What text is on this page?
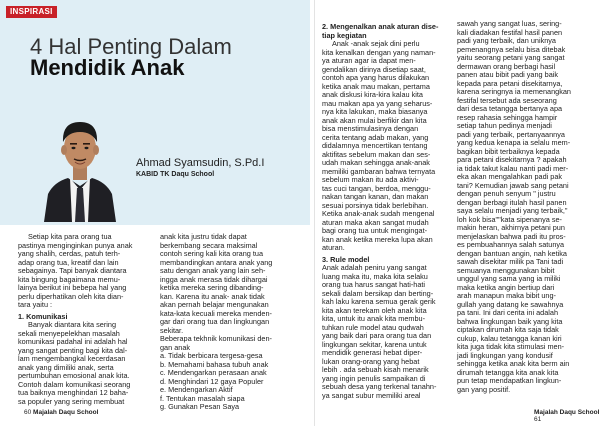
INSPIRASI
4 Hal Penting Dalam
Mendidik Anak
Ahmad Syamsudin, S.Pd.I
KABID TK Daqu School

Setiap kita para orang tua
pastinya menginginkan punya anak
yang shalih, cerdas, patuh terh-
adap orang tua, kreatif dan lain
sebagainya. Tapi banyak diantara
kita bingung bagaimana memu-
lainya berikut ini bebepa hal yang
perlu diperhatikan oleh kita dian-
tara yaitu :

1. Komunikasi

Banyak diantara kita sering
sekali menyepelekhan masalah
komunikasi padahal ini adalah hal
yang sangat penting bagi kita dal-
lam mengembangkal kecerdasan
anak yang dimiliki anak, serta
pertumbuhan emosional anak kita.
Contoh dalam komunikasi seorang
tua baiknya menghindari 12 baha-
sa populer yang sering membuat

anak kita justru tidak dapat
berkembang secara maksimal
contoh sering kali kita orang tua
membandingkan antara anak yang
satu dengan anak yang lain seh-
ingga anak merasa tidak dihargai
ketika mereka sering dibanding-
kan. Karena itu anak- anak tidak
akan pernah belajar mengunakan
kata-kata kecuali mereka menden-
gar dari orang tua dan lingkungan
sekitar.
Beberapa tekhnik komunikasi den-
gan anak
a. Tidak berbicara tergesa-gesa
b. Memahami bahasa tubuh anak
c. Mendengarkan perasaan anak
d. Menghindari 12 gaya Populer
e. Mendengarkan Aktif
f. Tentukan masalah siapa
g. Gunakan Pesan Saya

2. Mengenalkan anak aturan dise-
tiap kegiatan

Anak -anak sejak dini perlu
kita kenalkan dengan yang naman-
ya aturan agar ia dapat men-
gendalikan dirinya disetiap saat,
contoh apa yang harus dilakukan
ketika anak mau makan, pertama
anak diskusi kira-kira kalau kita
mau makan apa ya yang seharus-
nya kita lakukan, maka biasanya
anak akan mulai berfikir dan kita
bisa menstimulasinya dengan
cerita tentang adab makan, yang
didalamnya mencertikan tentang
aktifitas sebelum makan dan ses-
udah makan sehingga anak-anak
memiliki gambaran bahwa ternyata
sebelum makan itu ada aktivi-
tas cuci tangan, berdoa, menggu-
nakan tangan kanan, dan makan
sesuai porsinya tidak berlebihan.
Ketika anak-anak sudah mengenal
aturan maka akan sangat mudah
bagi orang tua untuk mengingat-
kan anak ketika mereka lupa akan
aturan.

3. Rule model

Anak adalah peniru yang sangat
luang maka itu, maka kita selaku
orang tua harus sangat hati-hati
sekali dalam bersikap dan berting-
kah laku karena semua gerak gerik
kita akan terekam oleh anak kita
kita, untuk itu anak kita membu-
tuhkan rule model atau qudwah
yang baik dari para orang tua dan
lingkungan sekitar, karena untuk
mendidik generasi hebat diper-
lukan orang-orang yang hebat
lebih . ada sebuah kisah menarik
yang ingin penulis sampaikan di
sebuah desa yang terkenal tanahn-
ya sangat subur memiliki areal

sawah yang sangat luas, sering-
kali diadakan festifal hasil panen
padi yang terbaik, dan uniknya
pemenangnya selalu bisa ditebak
yaitu seorang petani yang sangat
dermawan orang berbagi hasil
panen atau bibit padi yang baik
kepada para petani disekitarnya,
karena seringnya ia memenangkan
festifal tersebut ada seseorang
dari desa tetangga bertanya apa
resep rahasia sehingga hampir
setiap tahun pedinya menjadi
padi yang terbaik, pertanyaannya
yang kedua kenapa ia selalu mem-
bagikan bibit terbaiknya kepada
para petani disekitarnya ? apakah
ia tidak takut kalau nanti padi mer-
eka akan mengalahkan padi pak
tani? Kemudian jawab sang petani
dengan penuh senyum " justru
dengan berbagi itulah hasil panen
saya selalu menjadi yang terbaik,"
loh kok bisa""kata sipenanya se-
makin heran, akhirnya petani pun
menjelaskan bahwa padi itu pros-
es pembuahannya salah satunya
dengan bantuan angin, nah ketika
sawah disekitar milik pa Tani tadi
semuanya menggunakan bibit
unggul yang sama yang ia miliki
maka ketika angin bertiup dari
arah manapun maka bibit ung-
gullah yang datang ke sawahnya
pa tani. Ini dari cerita ini adalah
bahwa lingkungan baik yang kita
ciptakan dirumah kita saja tidak
cukup, kalau tetangga kanan kiri
kita juga tidak kita stimulasi men-
jadi lingkungan yang kondusif
sehingga ketika anak kita berm ain
dirumah tetangga kita anak kita
pun tetap mendapatkan lingkun-
gan yang positif.

60 Majalah Daqu School	Majalah Daqu School 61
